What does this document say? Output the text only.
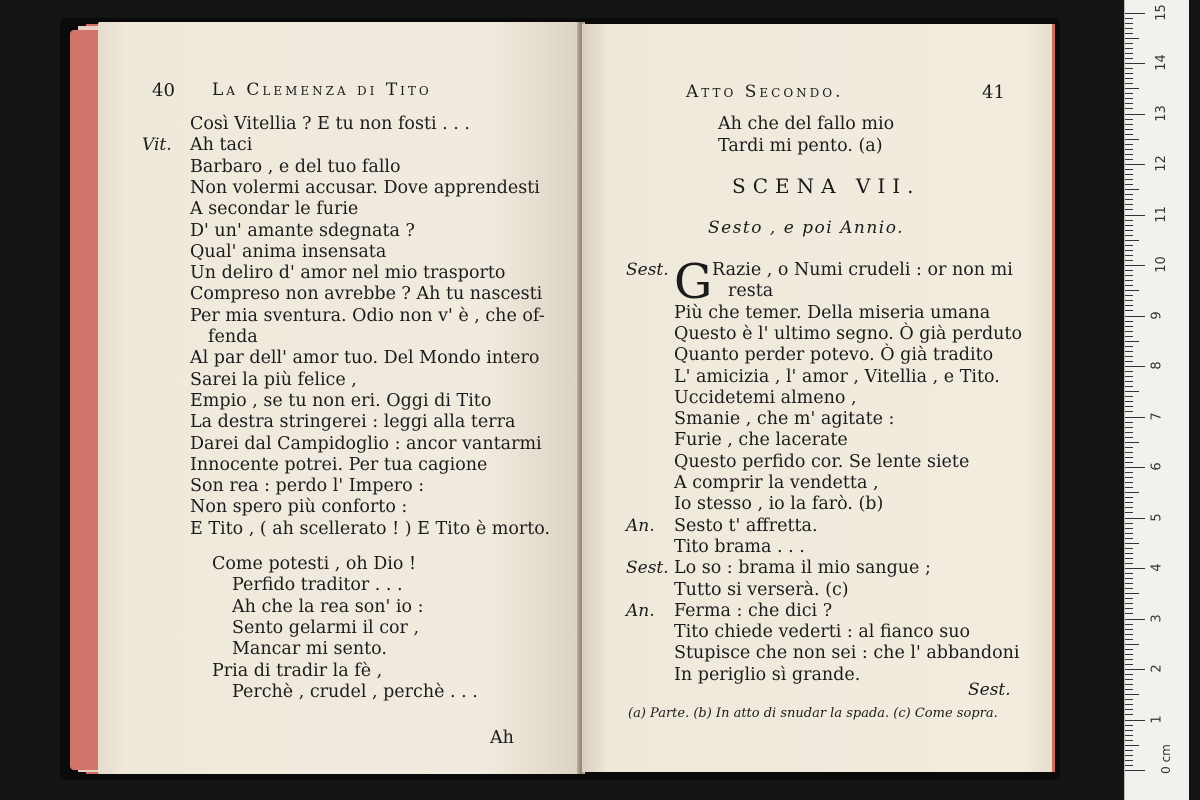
40 La Clemenza di Tito
Così Vitellia ? E tu non fosti . . .
Vit. Ah taci
Barbaro , e del tuo fallo
Non volermi accusar. Dove apprendesti
A secondar le furie
D' un' amante sdegnata ?
Qual' anima insensata
Un deliro d' amor nel mio trasporto
Compreso non avrebbe ? Ah tu nascesti
Per mia sventura. Odio non v' è , che of-
fenda
Al par dell' amor tuo. Del Mondo intero
Sarei la più felice ,
Empio , se tu non eri. Oggi di Tito
La destra stringerei : leggi alla terra
Darei dal Campidoglio : ancor vantarmi
Innocente potrei. Per tua cagione
Son rea : perdo l' Impero :
Non spero più conforto :
E Tito , ( ah scellerato ! ) E Tito è morto.
Come potesti , oh Dio !
Perfido traditor . . .
Ah che la rea son' io :
Sento gelarmi il cor ,
Mancar mi sento.
Pria di tradir la fè ,
Perchè , crudel , perchè . . .
Ah
Atto Secondo.	41
Ah che del fallo mio
Tardi mi pento. (a)
SCENA VII.
Sesto , e poi Annio.
G
Sest. Razie , o Numi crudeli : or non mi
resta
Più che temer. Della miseria umana
Questo è l' ultimo segno. Ò già perduto
Quanto perder potevo. Ò già tradito
L' amicizia , l' amor , Vitellia , e Tito.
Uccidetemi almeno ,
Smanie , che m' agitate :
Furie , che lacerate
Questo perfido cor. Se lente siete
A comprir la vendetta ,
Io stesso , io la farò. (b)
An. Sesto t' affretta.
Tito brama . . .
Sest. Lo so : brama il mio sangue ;
Tutto si verserà. (c)
An. Ferma : che dici ?
Tito chiede vederti : al fianco suo
Stupisce che non sei : che l' abbandoni
In periglio sì grande.
Sest.
(a) Parte. (b) In atto di snudar la spada. (c) Come sopra.
0 cm
1
2
3
4
5
6
7
8
9
10
11
12
13
14
15
